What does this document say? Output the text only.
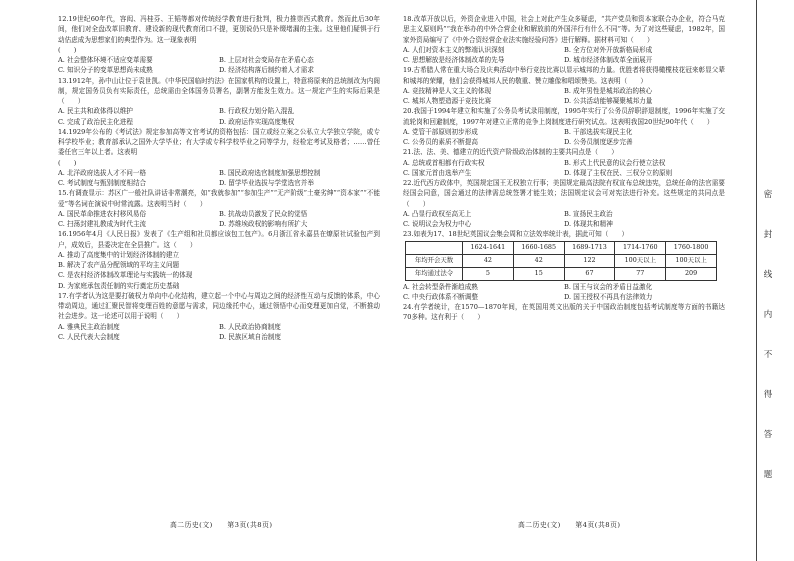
12.19世纪60年代，容闳、冯桂芬、王韬等都对传统经学教育进行批判，极力推崇西式教育。然而此后30年间，他们对全盘改革旧教育、建设新的现代教育闭口不提，更别说仍只是补缀堵漏的主张。这里他们疑惧于行动估虑成为思想家们的典型作为。这一现象表明

(　　)

A. 社会整体环境不适应变革需要	B. 上层对社会变局存在矛盾心态
C. 知识分子的变革思想尚未成熟	D. 经济结构落后制约着人才需求

13.1912年，孙中山让位于袁世凯。《中华民国临时约法》在国家机构的设置上，特意将原来的总统制改为内阁制，规定国务员负有实际责任，总统需由全体国务员署名，副署方能发生效力。这一规定产生的实际后果是（　　）

A. 民主共和政体得以维护	B. 行政权力划分陷入混乱
C. 完成了政治民主化进程	D. 政府运作实现高度集权

14.1929年公布的《考试法》规定参加高等文官考试的资格包括：国立或经立案之公私立大学独立学院，或专科学校毕业；教育部承认之国外大学毕业；有大学或专科学校毕业之同等学力，经检定考试及格者；……曾任委任官三年以上者。这表明

(　　)

A. 北洋政府选拔人才不问一格	B. 国民政府选官制度加强思想控制
C. 考试制度与甄别制度相结合	D. 留学毕业选拔与学堂选官并举

15.有调查显示：苏区广一般社队讲话非常潮亮，如“我就参加”“参加生产”“无产阶级”土豪劣绅”“资本家”“不能爱”等名词在演说中时常流露。这表明当时（　　）

A. 国民革命推进农村移风易俗	B. 抗战动员激发了民众的觉悟
C. 扫荡封建礼教成为时代主流	D. 苏维埃政权的影响有所扩大

16.1956年4月《人民日报》发表了《生产组和社员都应该包工包产》。6月浙江省永嘉县在燎原社试验包产到户，成效后，县委决定在全县推广。这（　　）

A. 推动了高度集中的计划经济体制的建立

B. 解决了农产品分配领域的平均主义问题

C. 是农村经济体制改革理论与实践统一的体现

D. 为家庭承包责任制的实行奠定历史基础

17.有学者认为这是要打破权力单向中心化结构，建立起一个中心与周边之间的经济性互动与反馈的体系，中心带动周边，通过汇聚民智将变理百姓的意愿与需求，同边缘托中心，通过领悟中心而变理更加自觉，不断推动社会进步。这一论述可以用于说明（　　）

A. 雅典民主政治制度	B. 人民政治协商制度
C. 人民代表大会制度	D. 民族区域自治制度

18.改革开放以后，外资企业进入中国，社会上对此产生众多疑虑，“共产党员和资本家联合办企业，符合马克思主义原则吗”“我在举办的中外合营企业和解放前的外国洋行有什么不同”等。为了对这些疑虑，1982年，国家外资局编写了《中外合资经营企业法实施经验问答》进行解释。据材料可知（　　）

A. 人们对资本主义的弊端认识深刻	B. 全方位对外开放新格局形成
C. 思想解放是经济体制改革的先导	D. 城市经济体制改革全面展开

19.古希腊人常在重大场合及庆典活动中举行竞技比赛以显示城邦的力量。优胜者将获得橄榄枝花冠来彰显父辈和城邦的荣耀，他们会获得城邦人民的敬重、赞立雕像和唱颂赞美。这表明（　　）

A. 竞技精神是人文主义的体现	B. 成年男性是城邦政治的核心
C. 城邦人物塑造源于竞技比赛	D. 公共活动能够凝聚城邦力量

20.我国于1994年建立和实施了公务员考试录用制度，1995年实行了公务员辞职辞退制度，1996年实施了交流轮岗和回避制度，1997年对建立正常的竞争上岗制度进行研究试点。这表明我国20世纪90年代（　　）

A. 党管干部原则初步形成	B. 干部选拔实现民主化
C. 公务员的素质不断提高	D. 公务员制度逐步完善

21.法、法、美、德建立的近代资产阶级政治体制的主要共同点是（　　）

A. 总统或首相都有行政实权	B. 形式上代民意的议会行使立法权
C. 国家元首由选举产生	D. 体现了主权在民、三权分立的原则

22.近代西方政体中，英国规定国王无权独立行事；美国规定最高法院有权宣布总统违宪，总统任命的法官需要经国会同意，国会通过的法律需总统签署才能生效；法国规定议会可对宪法进行补充。这些规定的共同点是（　　）

A. 凸显行政权至高无上	B. 宣扬民主政治
C. 说明议会为权力中心	D. 体现共和精神

23.如表为17、18世纪英国议会集会周和立法效率统计表，据此可知（　　）

	1624-1641	1660-1685	1689-1713	1714-1760	1760-1800
年均开会天数	42	42	122	100天以上	100天以上
年均通过法令	5	15	67	77	209
A. 社会转型条件渐趋成熟	B. 国王与议会的矛盾日益激化
C. 中央行政体系不断调整	D. 国王授权不再具有法律效力

24.有学者统计，在1570—1870年间，在英国用英文出版的关于中国政治制度包括考试制度等方面的书籍达70多种。这有利于（　　）

高二历史(文)　　第3页(共8页)	高二历史(文)　　第4页(共8页)
密
封
线
内
不
得
答
题
